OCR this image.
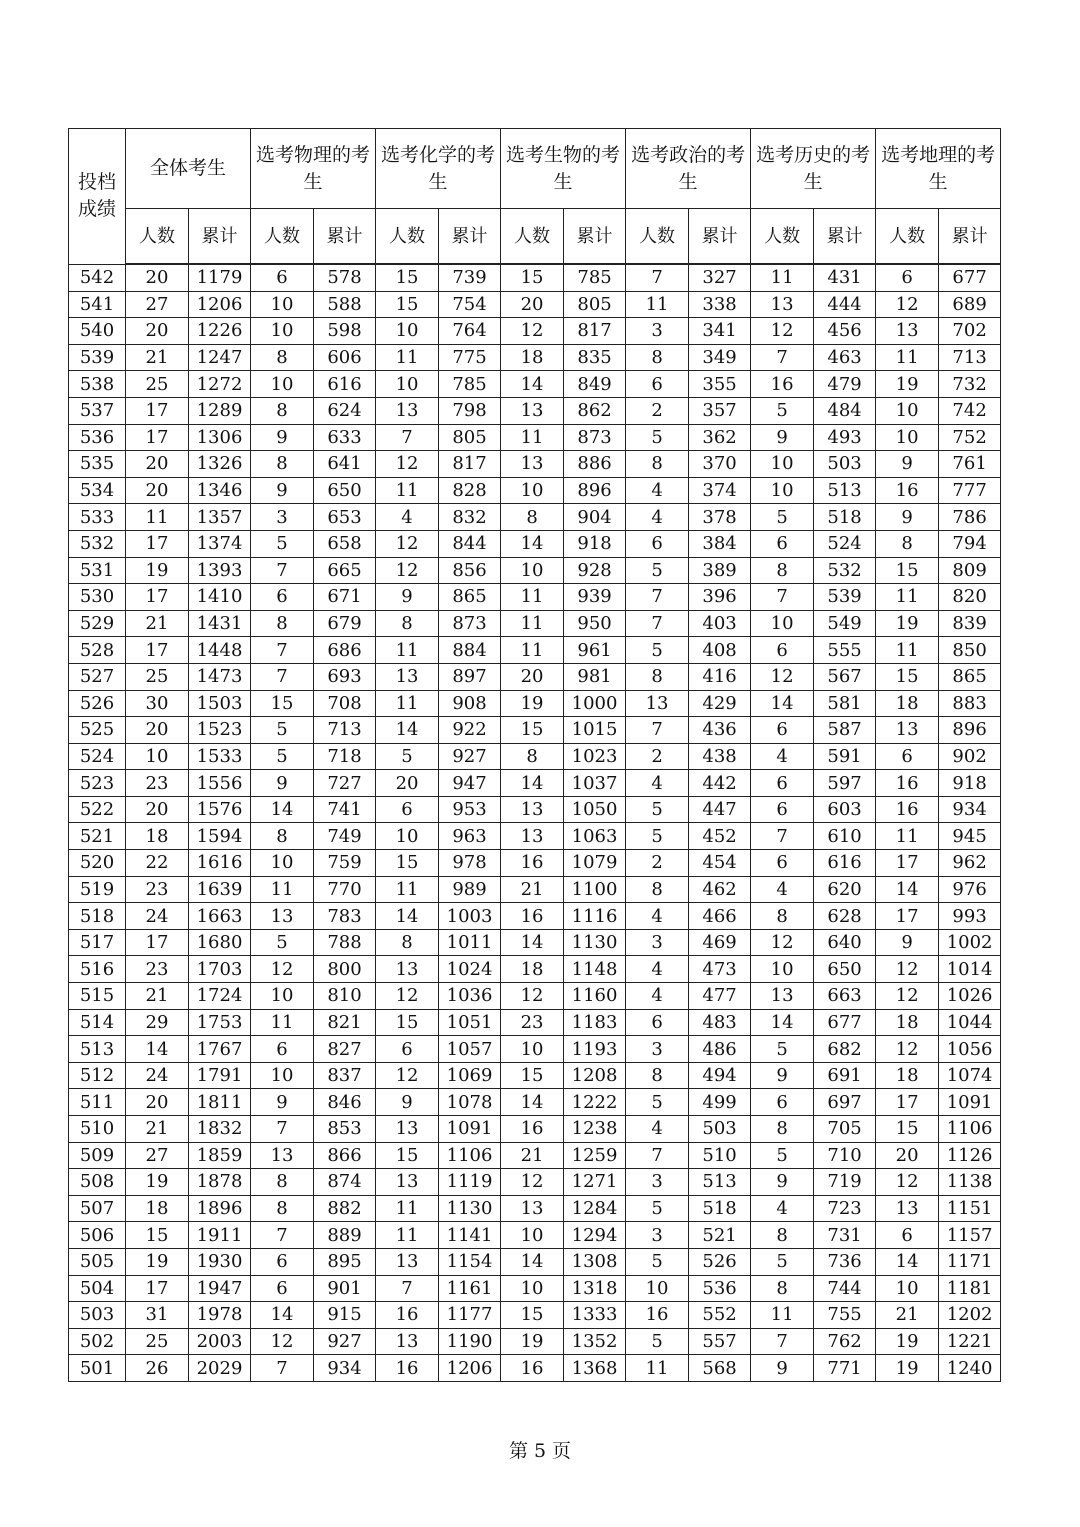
投档成绩	全体考生		选考物理的考生		选考化学的考生		选考生物的考生		选考政治的考生		选考历史的考生		选考地理的考生	
	人数	累计	人数	累计	人数	累计	人数	累计	人数	累计	人数	累计	人数	累计
542	20	1179	6	578	15	739	15	785	7	327	11	431	6	677
541	27	1206	10	588	15	754	20	805	11	338	13	444	12	689
540	20	1226	10	598	10	764	12	817	3	341	12	456	13	702
539	21	1247	8	606	11	775	18	835	8	349	7	463	11	713
538	25	1272	10	616	10	785	14	849	6	355	16	479	19	732
537	17	1289	8	624	13	798	13	862	2	357	5	484	10	742
536	17	1306	9	633	7	805	11	873	5	362	9	493	10	752
535	20	1326	8	641	12	817	13	886	8	370	10	503	9	761
534	20	1346	9	650	11	828	10	896	4	374	10	513	16	777
533	11	1357	3	653	4	832	8	904	4	378	5	518	9	786
532	17	1374	5	658	12	844	14	918	6	384	6	524	8	794
531	19	1393	7	665	12	856	10	928	5	389	8	532	15	809
530	17	1410	6	671	9	865	11	939	7	396	7	539	11	820
529	21	1431	8	679	8	873	11	950	7	403	10	549	19	839
528	17	1448	7	686	11	884	11	961	5	408	6	555	11	850
527	25	1473	7	693	13	897	20	981	8	416	12	567	15	865
526	30	1503	15	708	11	908	19	1000	13	429	14	581	18	883
525	20	1523	5	713	14	922	15	1015	7	436	6	587	13	896
524	10	1533	5	718	5	927	8	1023	2	438	4	591	6	902
523	23	1556	9	727	20	947	14	1037	4	442	6	597	16	918
522	20	1576	14	741	6	953	13	1050	5	447	6	603	16	934
521	18	1594	8	749	10	963	13	1063	5	452	7	610	11	945
520	22	1616	10	759	15	978	16	1079	2	454	6	616	17	962
519	23	1639	11	770	11	989	21	1100	8	462	4	620	14	976
518	24	1663	13	783	14	1003	16	1116	4	466	8	628	17	993
517	17	1680	5	788	8	1011	14	1130	3	469	12	640	9	1002
516	23	1703	12	800	13	1024	18	1148	4	473	10	650	12	1014
515	21	1724	10	810	12	1036	12	1160	4	477	13	663	12	1026
514	29	1753	11	821	15	1051	23	1183	6	483	14	677	18	1044
513	14	1767	6	827	6	1057	10	1193	3	486	5	682	12	1056
512	24	1791	10	837	12	1069	15	1208	8	494	9	691	18	1074
511	20	1811	9	846	9	1078	14	1222	5	499	6	697	17	1091
510	21	1832	7	853	13	1091	16	1238	4	503	8	705	15	1106
509	27	1859	13	866	15	1106	21	1259	7	510	5	710	20	1126
508	19	1878	8	874	13	1119	12	1271	3	513	9	719	12	1138
507	18	1896	8	882	11	1130	13	1284	5	518	4	723	13	1151
506	15	1911	7	889	11	1141	10	1294	3	521	8	731	6	1157
505	19	1930	6	895	13	1154	14	1308	5	526	5	736	14	1171
504	17	1947	6	901	7	1161	10	1318	10	536	8	744	10	1181
503	31	1978	14	915	16	1177	15	1333	16	552	11	755	21	1202
502	25	2003	12	927	13	1190	19	1352	5	557	7	762	19	1221
501	26	2029	7	934	16	1206	16	1368	11	568	9	771	19	1240
第 5 页
